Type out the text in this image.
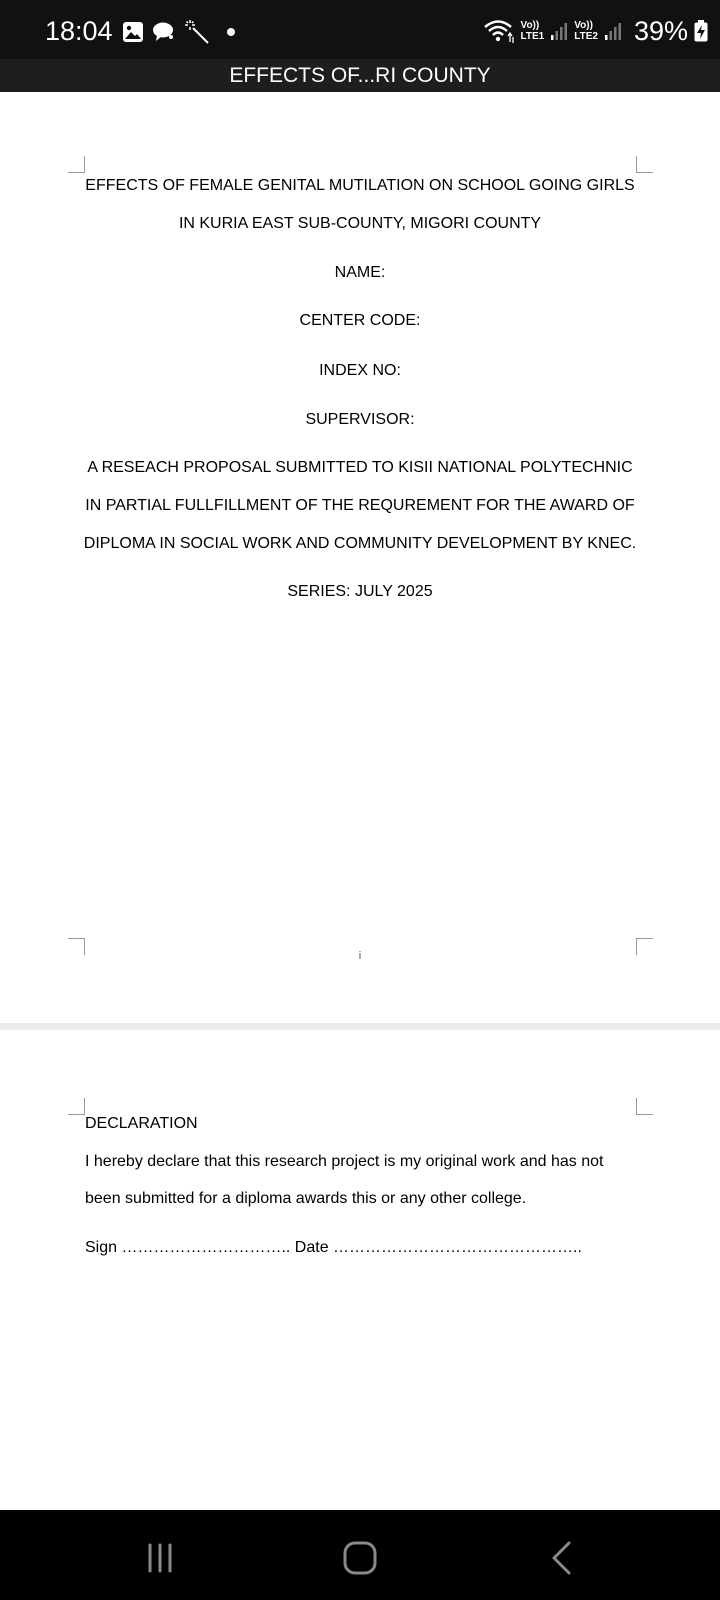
18:04	Vo))
LTE1
Vo))
LTE2 39%
EFFECTS OF...RI COUNTY
EFFECTS OF FEMALE GENITAL MUTILATION ON SCHOOL GOING GIRLS
IN KURIA EAST SUB-COUNTY, MIGORI COUNTY
NAME:
CENTER CODE:
INDEX NO:
SUPERVISOR:
A RESEACH PROPOSAL SUBMITTED TO KISII NATIONAL POLYTECHNIC
IN PARTIAL FULLFILLMENT OF THE REQUREMENT FOR THE AWARD OF
DIPLOMA IN SOCIAL WORK AND COMMUNITY DEVELOPMENT BY KNEC.
SERIES: JULY 2025
i
DECLARATION
I hereby declare that this research project is my original work and has not
been submitted for a diploma awards this or any other college.
Sign ………………………….. Date ………………………………………..
